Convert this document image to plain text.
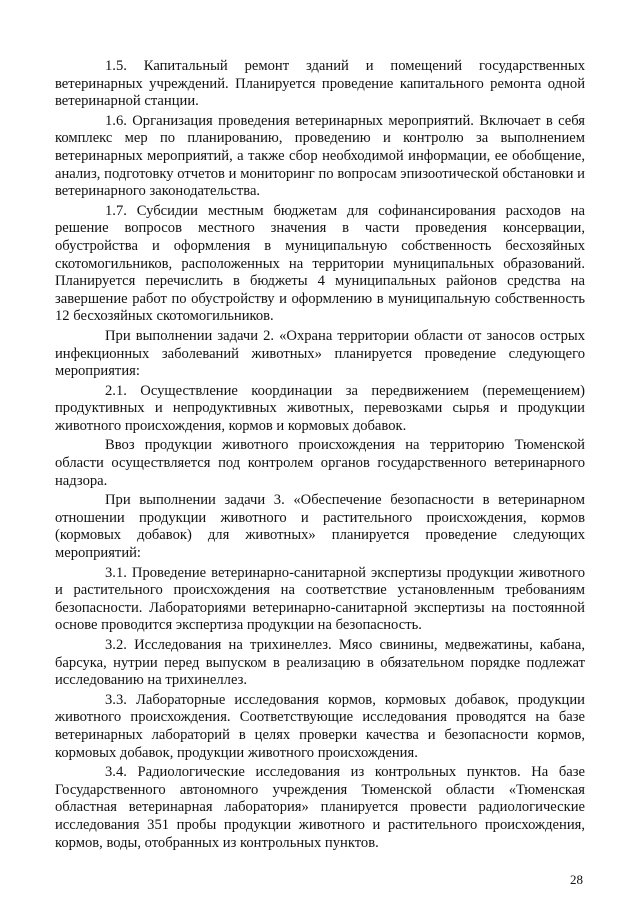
1.5. Капитальный ремонт зданий и помещений государственных ветеринарных учреждений. Планируется проведение капитального ремонта одной ветеринарной станции.

1.6. Организация проведения ветеринарных мероприятий. Включает в себя комплекс мер по планированию, проведению и контролю за выполнением ветеринарных мероприятий, а также сбор необходимой информации, ее обобщение, анализ, подготовку отчетов и мониторинг по вопросам эпизоотической обстановки и ветеринарного законодательства.

1.7. Субсидии местным бюджетам для софинансирования расходов на решение вопросов местного значения в части проведения консервации, обустройства и оформления в муниципальную собственность бесхозяйных скотомогильников, расположенных на территории муниципальных образований. Планируется перечислить в бюджеты 4 муниципальных районов средства на завершение работ по обустройству и оформлению в муниципальную собственность 12 бесхозяйных скотомогильников.

При выполнении задачи 2. «Охрана территории области от заносов острых инфекционных заболеваний животных» планируется проведение следующего мероприятия:

2.1. Осуществление координации за передвижением (перемещением) продуктивных и непродуктивных животных, перевозками сырья и продукции животного происхождения, кормов и кормовых добавок.

Ввоз продукции животного происхождения на территорию Тюменской области осуществляется под контролем органов государственного ветеринарного надзора.

При выполнении задачи 3. «Обеспечение безопасности в ветеринарном отношении продукции животного и растительного происхождения, кормов (кормовых добавок) для животных» планируется проведение следующих мероприятий:

3.1. Проведение ветеринарно-санитарной экспертизы продукции животного и растительного происхождения на соответствие установленным требованиям безопасности. Лабораториями ветеринарно-санитарной экспертизы на постоянной основе проводится экспертиза продукции на безопасность.

3.2. Исследования на трихинеллез. Мясо свинины, медвежатины, кабана, барсука, нутрии перед выпуском в реализацию в обязательном порядке подлежат исследованию на трихинеллез.

3.3. Лабораторные исследования кормов, кормовых добавок, продукции животного происхождения. Соответствующие исследования проводятся на базе ветеринарных лабораторий в целях проверки качества и безопасности кормов, кормовых добавок, продукции животного происхождения.

3.4. Радиологические исследования из контрольных пунктов. На базе Государственного автономного учреждения Тюменской области «Тюменская областная ветеринарная лаборатория» планируется провести радиологические исследования 351 пробы продукции животного и растительного происхождения, кормов, воды, отобранных из контрольных пунктов.

28
